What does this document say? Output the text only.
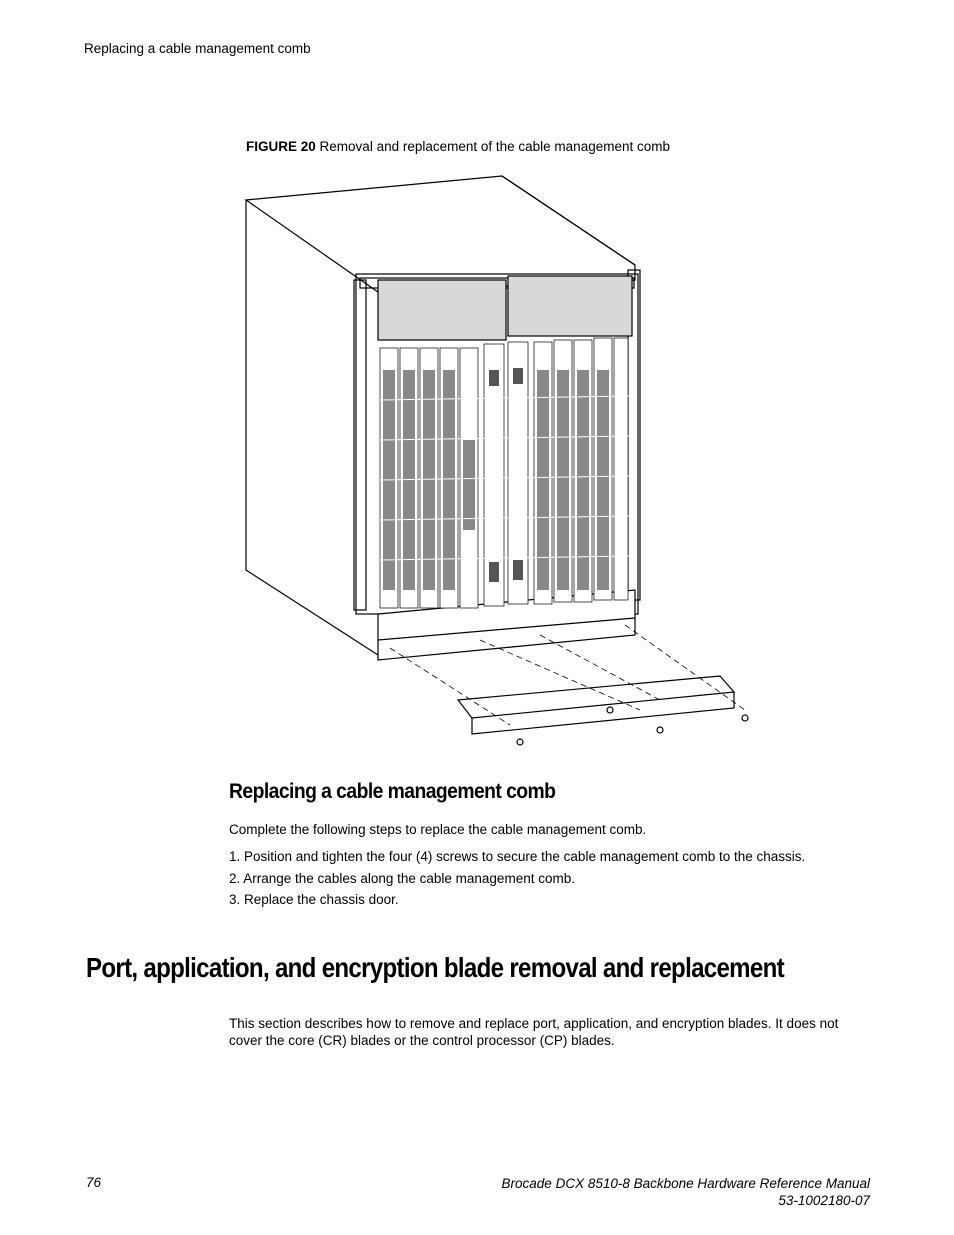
Replacing a cable management comb
FIGURE 20 Removal and replacement of the cable management comb
Replacing a cable management comb
Complete the following steps to replace the cable management comb.
1. Position and tighten the four (4) screws to secure the cable management comb to the chassis.
2. Arrange the cables along the cable management comb.
3. Replace the chassis door.
Port, application, and encryption blade removal and replacement
This section describes how to remove and replace port, application, and encryption blades. It does not cover the core (CR) blades or the control processor (CP) blades.
76	Brocade DCX 8510-8 Backbone Hardware Reference Manual
53-1002180-07
